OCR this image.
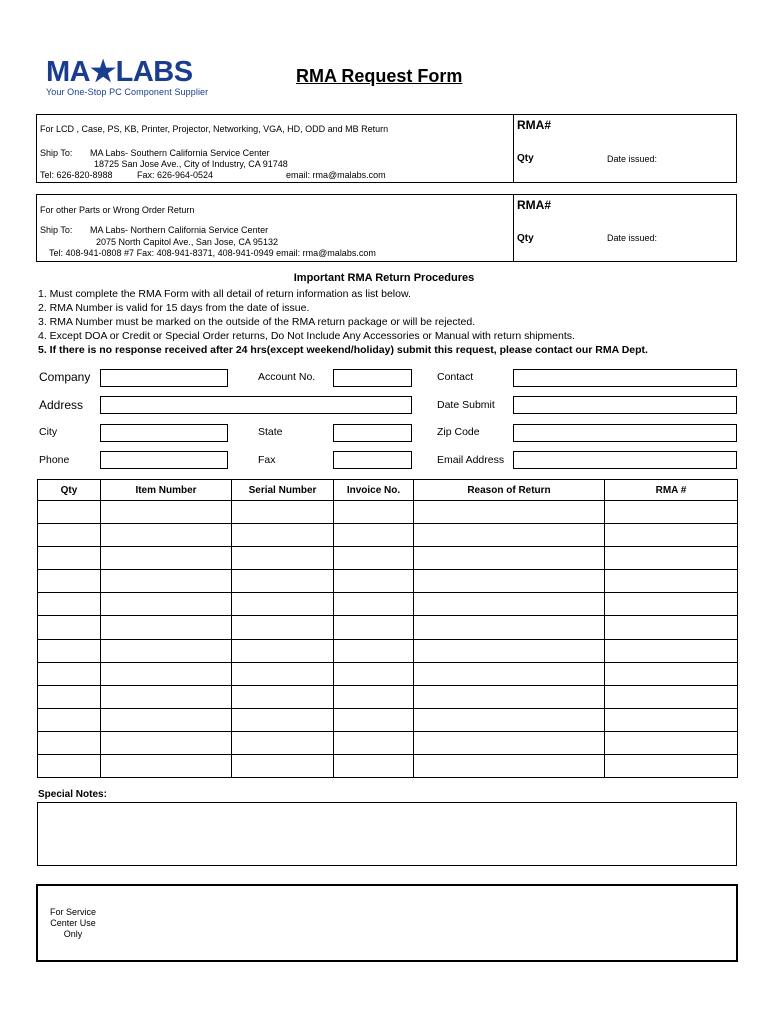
MA★LABS
Your One-Stop PC Component Supplier
RMA Request Form
For LCD , Case, PS, KB, Printer, Projector, Networking, VGA, HD, ODD and MB Return
Ship To: MA Labs- Southern California Service Center
18725 San Jose Ave., City of Industry, CA 91748
Tel: 626-820-8988	Fax: 626-964-0524	email: rma@malabs.com
RMA#
Qty	Date issued:
For other Parts or Wrong Order Return
Ship To: MA Labs- Northern California Service Center
2075 North Capitol Ave., San Jose, CA 95132
Tel: 408-941-0808 #7 Fax: 408-941-8371, 408-941-0949 email: rma@malabs.com
RMA#
Qty	Date issued:
Important RMA Return Procedures
1. Must complete the RMA Form with all detail of return information as list below.
2. RMA Number is valid for 15 days from the date of issue.
3. RMA Number must be marked on the outside of the RMA return package or will be rejected.
4. Except DOA or Credit or Special Order returns, Do Not Include Any Accessories or Manual with return shipments.
5. If there is no response received after 24 hrs(except weekend/holiday) submit this request, please contact our RMA Dept.
Company	Account No.	Contact
Address	Date Submit
City	State	Zip Code
Phone	Fax	Email Address
Qty	Item Number	Serial Number	Invoice No.	Reason of Return	RMA #

Special Notes:
For Service Center Use Only
